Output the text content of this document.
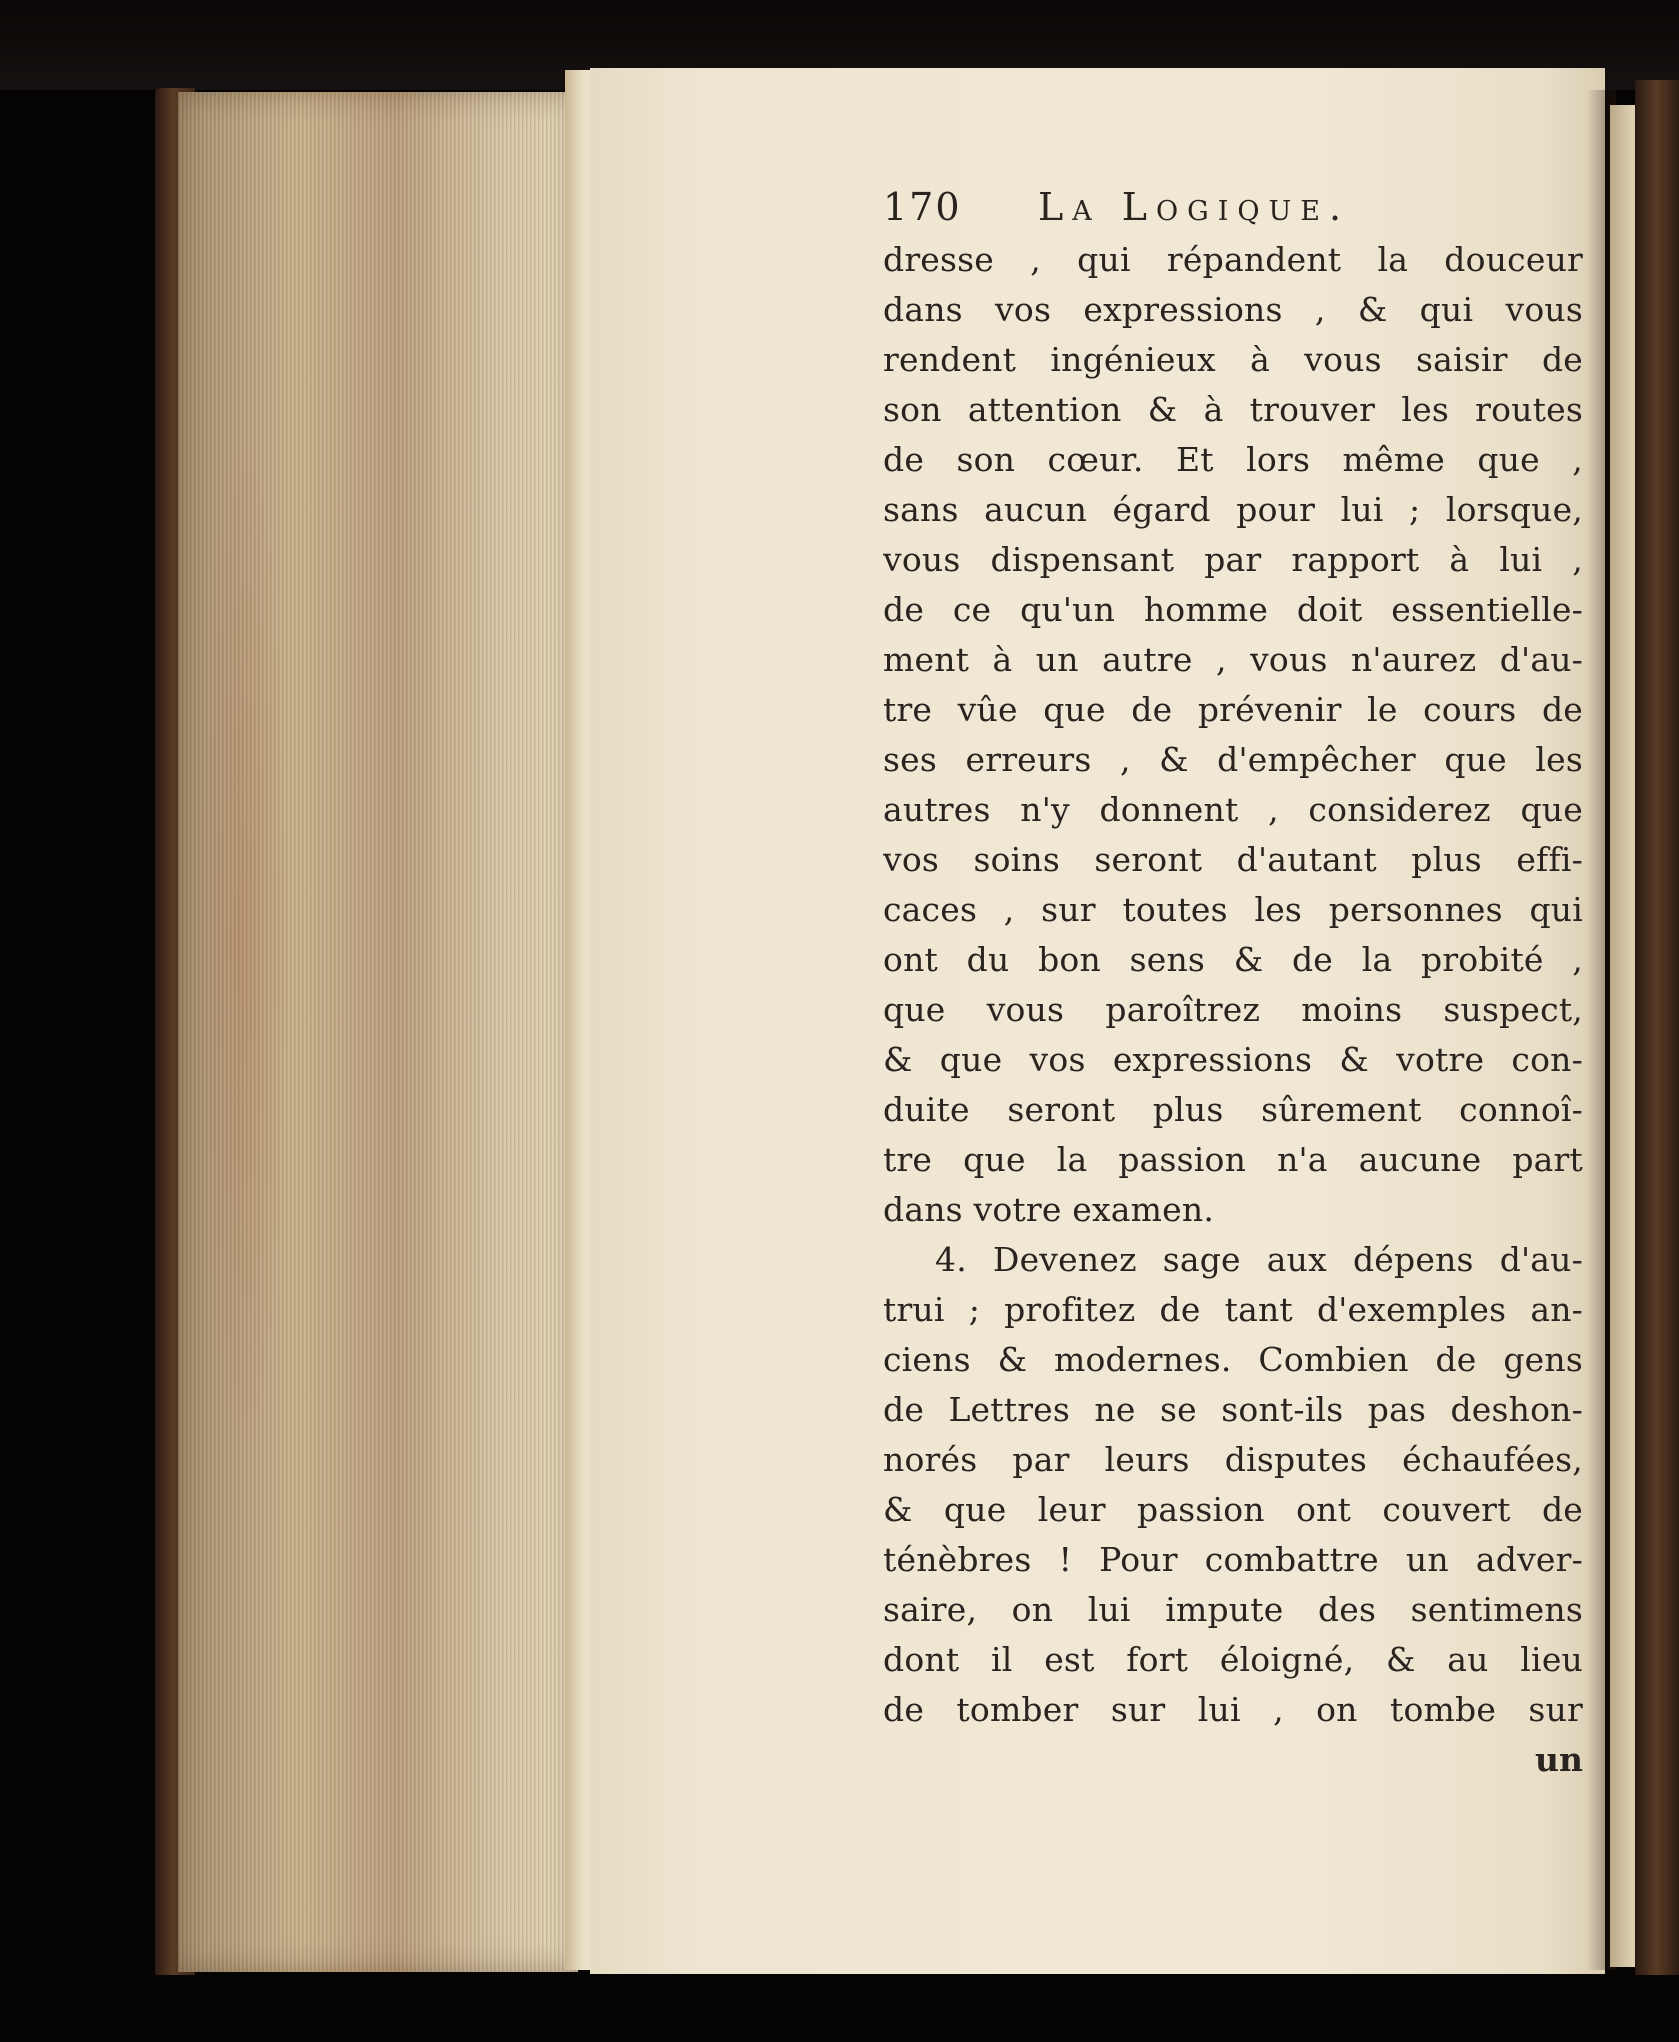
170 La Logique.
dresse , qui répandent la douceur
dans vos expressions , & qui vous
rendent ingénieux à vous saisir de
son attention & à trouver les routes
de son cœur. Et lors même que ,
sans aucun égard pour lui ; lorsque,
vous dispensant par rapport à lui ,
de ce qu'un homme doit essentielle-
ment à un autre , vous n'aurez d'au-
tre vûe que de prévenir le cours de
ses erreurs , & d'empêcher que les
autres n'y donnent , considerez que
vos soins seront d'autant plus effi-
caces , sur toutes les personnes qui
ont du bon sens & de la probité ,
que vous paroîtrez moins suspect,
& que vos expressions & votre con-
duite seront plus sûrement connoî-
tre que la passion n'a aucune part
dans votre examen.
4. Devenez sage aux dépens d'au-
trui ; profitez de tant d'exemples an-
ciens & modernes. Combien de gens
de Lettres ne se sont-ils pas deshon-
norés par leurs disputes échaufées,
& que leur passion ont couvert de
ténèbres ! Pour combattre un adver-
saire, on lui impute des sentimens
dont il est fort éloigné, & au lieu
de tomber sur lui , on tombe sur
un
